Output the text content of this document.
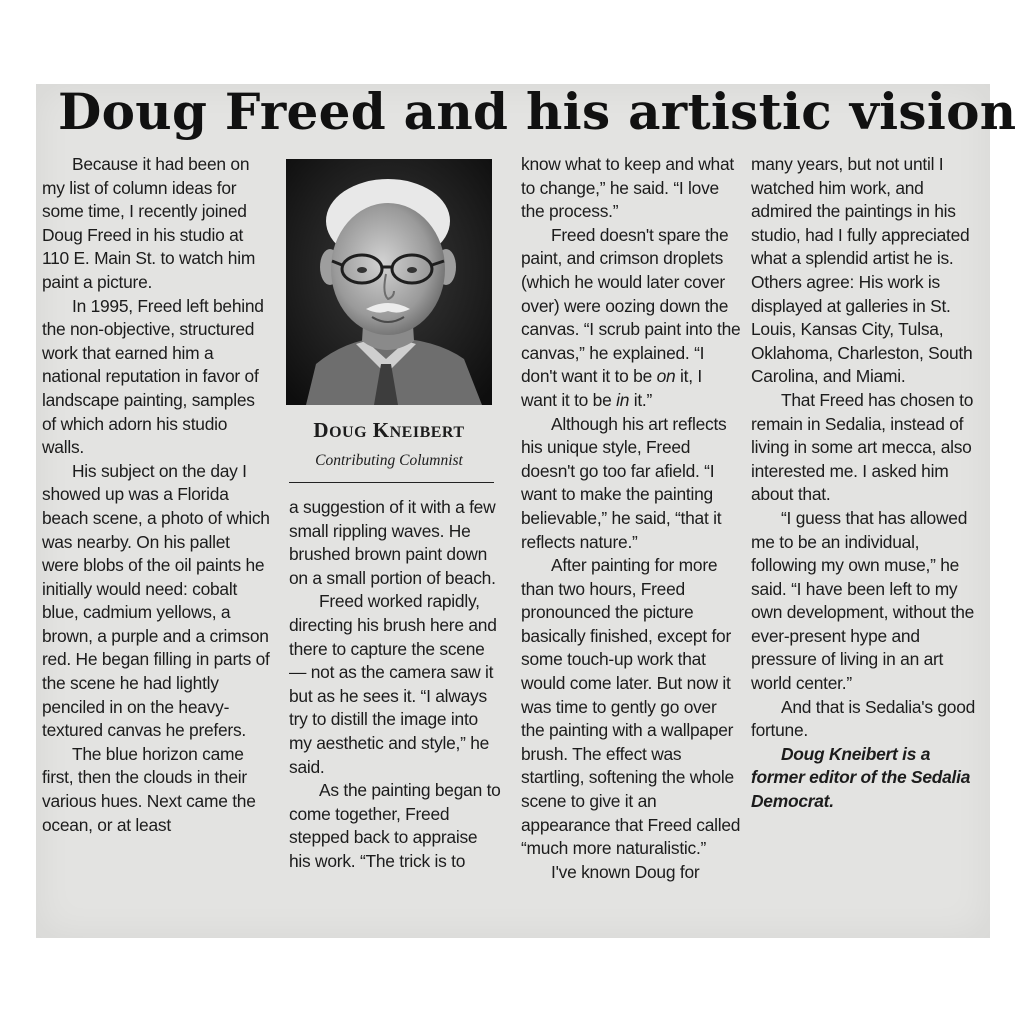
Doug Freed and his artistic vision

Because it had been on my list of column ideas for some time, I recently joined Doug Freed in his studio at 110 E. Main St. to watch him paint a picture.

In 1995, Freed left behind the non-objective, structured work that earned him a national reputation in favor of landscape painting, samples of which adorn his studio walls.

His subject on the day I showed up was a Florida beach scene, a photo of which was nearby. On his pallet were blobs of the oil paints he initially would need: cobalt blue, cadmium yellows, a brown, a purple and a crimson red. He began filling in parts of the scene he had lightly penciled in on the heavy-textured canvas he prefers.

The blue horizon came first, then the clouds in their various hues. Next came the ocean, or at least

DOUG KNEIBERT
Contributing Columnist

a suggestion of it with a few small rippling waves. He brushed brown paint down on a small portion of beach.

Freed worked rapidly, directing his brush here and there to capture the scene — not as the camera saw it but as he sees it. “I always try to distill the image into my aesthetic and style,” he said.

As the painting began to come together, Freed stepped back to appraise his work. “The trick is to

know what to keep and what to change,” he said. “I love the process.”

Freed doesn't spare the paint, and crimson droplets (which he would later cover over) were oozing down the canvas. “I scrub paint into the canvas,” he explained. “I don't want it to be on it, I want it to be in it.”

Although his art reflects his unique style, Freed doesn't go too far afield. “I want to make the painting believable,” he said, “that it reflects nature.”

After painting for more than two hours, Freed pronounced the picture basically finished, except for some touch-up work that would come later. But now it was time to gently go over the painting with a wallpaper brush. The effect was startling, softening the whole scene to give it an appearance that Freed called “much more naturalistic.”

I've known Doug for

many years, but not until I watched him work, and admired the paintings in his studio, had I fully appreciated what a splendid artist he is. Others agree: His work is displayed at galleries in St. Louis, Kansas City, Tulsa, Oklahoma, Charleston, South Carolina, and Miami.

That Freed has chosen to remain in Sedalia, instead of living in some art mecca, also interested me. I asked him about that.

“I guess that has allowed me to be an individual, following my own muse,” he said. “I have been left to my own development, without the ever-present hype and pressure of living in an art world center.”

And that is Sedalia's good fortune.

Doug Kneibert is a former editor of the Sedalia Democrat.
